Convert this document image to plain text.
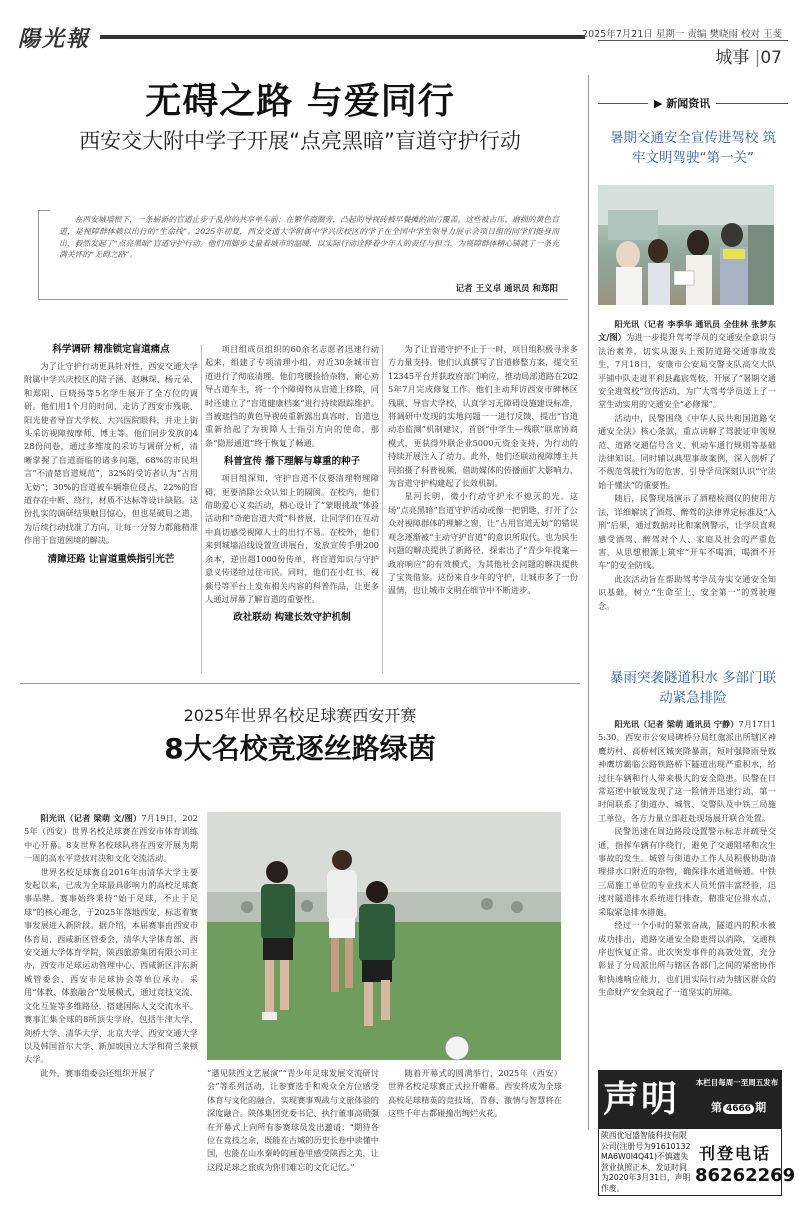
陽光報	2025年7月21日 星期一 责编 樊晓雨 校对 王斐
城事 |07
无碍之路 与爱同行
西安交大附中学子开展“点亮黑暗”盲道守护行动
在西安城墙根下，一条崭新的盲道止步于乱停的共享单车前；在繁华商圈旁，凸起的导视砖被早餐摊的油污覆盖。这些被占压、磨损的黄色盲道，是视障群体赖以出行的“生命线”。2025年初夏，西安交通大学附属中学兴庆校区的学子在全国中学生领导力展示会项目组的同学们挺身而出，毅然发起了“点亮黑暗”盲道守护行动。他们用脚步丈量着城市的温暖，以实际行动诠释着少年人的责任与担当，为视障群体精心铺就了一条充满关怀的“无碍之路”。
记者 王义卓 通讯员 和郑阳
科学调研 精准锁定盲道痛点

为了让守护行动更具针对性，西安交通大学附属中学兴庆校区的陆子涵、赵琳琛、杨元朵、和郑阳、巨晓扬等5名学生展开了全方位的调研。他们用1个月的时间，走访了西安市残联、阳光使者导盲犬学校、大兴医院眼科，并走上街头采访视障按摩师、博主等。他们同步发放的428份问卷，通过多维度的采访与调研分析，清晰掌握了盲道面临的诸多问题，68%的市民坦言“不清楚盲道规范”，32%的受访者认为“占用无妨”；30%的盲道被车辆堆位侵占，22%的盲道存在中断、绕行，材质不达标等设计缺陷。这份扎实的调研结果触目惊心，但也是破局之道，为后续行动找准了方向，让每一分努力都能精准作用于盲道困境的解决。

清障还路 让盲道重焕指引光芒

项目组成员组织的60余名志愿者迅速行动起来，组建了专项清理小组，对近30条城市盲道进行了彻底清理。他们弯腰捡拾杂物，耐心劝导占道车主，将一个个障碍物从盲道上移除，同时还建立了“盲道健康档案”进行持续跟踪维护。当被遮挡的黄色导视砖重新露出真容时，盲道也重新拾起了为视障人士指引方向的使命，那条“隐形通道”终于恢复了畅通。

科普宣传 播下理解与尊重的种子

项目组深知，守护盲道不仅要清理物理障碍，更要消除公众认知上的隔阂。在校内，他们借助爱心义卖活动，精心设计了“蒙眼挑战”体验活动和“奇葩盲道大赏”科普展，让同学们在互动中真切感受视障人士的出行不易。在校外，他们来到城墙沿线设置宣讲展台，发放宣传手册200余本，逆出超1000份传单，将盲道知识与守护意义传递给过往市民。同时，他们在小红书、视频号等平台上发布相关内容的科普作品，让更多人通过屏幕了解盲道的重要性。

政社联动 构建长效守护机制

为了让盲道守护不止于一时，项目组积极寻求多方力量支持。他们认真撰写了盲道修整方案，提交至12345平台并获政府部门响应，推动局部道路在2025年7月完成修复工作。他们主动拜访西安市碑林区残联、导盲犬学校，认真学习无障碍设施建设标准，将调研中发现的实地问题一一进行反馈，提出“盲道动态监测”机制建议，首创“中学生—残联”联席协商模式，更获得外联企业5000元资金支持，为行动的持续开展注入了动力。此外，他们还联动视障博主共同拍摄了科普视频，借助媒体的传播面扩大影响力，为盲道守护构建起了长效机制。

星河长明，微小行动守护永不熄灭的光。这场“点亮黑暗”盲道守护活动或像一把钥匙，打开了公众对视障群体的理解之窗，让“占用盲道无妨”的错误观念逐渐被“主动守护盲道”的意识所取代。也为民生问题的解决提供了新路径，探索出了“青少年提案—政府响应”的有效模式，为其他社会问题的解决提供了宝贵借鉴。这份来自少年的守护，让城市多了一份温情，也让城市文明在细节中不断进步。

▶ 新闻资讯
暑期交通安全宣传进驾校 筑牢文明驾驶“第一关”

阳光讯（记者 李季华 通讯员 全佳林 张梦东 文/图）为进一步提升驾考学员的交通安全意识与法治素养，切实从源头上预防道路交通事故发生，7月18日，安康市公安局交警支队高交大队平铺中队走进平利县鑫宸驾校，开展了“暑期交通安全进驾校”宣传活动，为广大驾考学员送上了一堂生动实用的交通安全“必修课”。

活动中，民警围绕《中华人民共和国道路交通安全法》核心条款，重点讲解了驾驶证申领规范、道路交通信号含义、机动车通行规则等基础法律知识。同时辅以典型事故案例，深入剖析了不规范驾驶行为的危害，引导学员深刻认识“守法始于懂法”的重要性。

随后，民警现场演示了酒精检测仪的使用方法，详细解读了酒驾、醉驾的法律界定标准及“入刑”后果，通过数据对比和案例警示，让学员直观感受酒驾、醉驾对个人、家庭及社会的严重危害，从思想根源上筑牢“开车不喝酒，喝酒不开车”的安全防线。

此次活动旨在帮助驾考学员夯实交通安全知识基础，树立“生命至上、安全第一”的驾驶理念。

暴雨突袭隧道积水 多部门联动紧急排险

阳光讯（记者 梁萌 通讯员 宁静）7月17日15:30，西安市公安局碑桥分局红旗派出所辖区神鹰坊村、高桥村区城突降暴雨，短时强降雨导致神鹰坊霸临公路铁路桥下隧道出现严重积水，给过往车辆和行人带来极大的安全隐患。民警在日常巡逻中敏锐发现了这一险情并迅速行动，第一时间联系了街道办、城管、交警队及中铁三局施工单位，各方力量立即赶赴现场展开联合处置。

民警迅速在周边路段设置警示标志并疏导交通，指挥车辆有序绕行，避免了交通阻堵和次生事故的发生。城管与街道办工作人员积极协助清理排水口附近的杂物，确保排水通道畅通。中铁三局施工单位的专业技术人员凭借丰富经验，迅速对隧道排水系统进行排查，精准定位排水点，采取紧急排水措施。

经过一个小时的紧张奋战，隧道内的积水被成功排出，道路交通安全隐患得以消除，交通秩序也恢复正常。此次突发事件的高效处置，充分彰显了分局派出所与辖区各部门之间的紧密协作和快速响应能力，也们用实际行动为辖区群众的生命财产安全筑起了一道坚实的屏障。

2025年世界名校足球赛西安开赛
8大名校竞逐丝路绿茵

阳光讯（记者 梁萌 文/图）7月19日，2025年（西安）世界名校足球赛在西安市体育训练中心开幕。8支世界名校球队将在西安开展为期一周的高水平竞技对决和文化交流活动。

世界名校足球赛自2016年由清华大学主要发起以来，已成为全球最具影响力的高校足球赛事品牌。赛事始终秉持“始于足球，不止于足球”的核心理念，于2025年落地西安，标志着赛事发展进入新阶段。据介绍，本届赛事由西安市体育局，西咸新区管委会，清华大学体育部、西安交通大学体育学院，陕西旅游集团有限公司主办，西安市足球运动管理中心、西咸新区沣东新城管委会、西安市足球协会等单位承办。采用“体教、体旅融合”发展模式，通过竞技交流、文化互鉴等多维路径，搭建国际人文交流水平。赛事汇集全球的8所顶尖学府，包括牛津大学、剑桥大学、清华大学、北京大学、西安交通大学以及韩国首尔大学、新加坡国立大学和荷兰莱顿大学。

此外，赛事组委会还组织开展了	“遇见陕西文艺展演”“青少年足球发展交流研讨会”等系列活动，让参赛选手和观众全方位感受体育与文化的融合。实现赛事观战与文旅体验的深度融合。陕体集团党委书记、执行董事高勋强在开幕式上向所有参赛球员发出邀请：“期待各位在竞技之余，既能在古城的历史长卷中读懂中国，也能在山水秦岭的画卷里感受陕西之美，让这段足球之旅成为你们难忘的文化记忆。”

随着开幕式的圆满举行，2025年（西安）世界名校足球赛正式拉开帷幕。西安将成为全球高校足球精英的竞技场，青春、激情与智慧将在这些千年古都碰撞出绚烂火花。	声明 本栏目每周一至周五发布
第 4666 期
陕西优冠盛智能科技有限公司(注册号为91610132MA6W0I4Q41)不慎遗失营业执照正本，发证时间为2020年3月31日，声明作废。
刊登电话
86262269
